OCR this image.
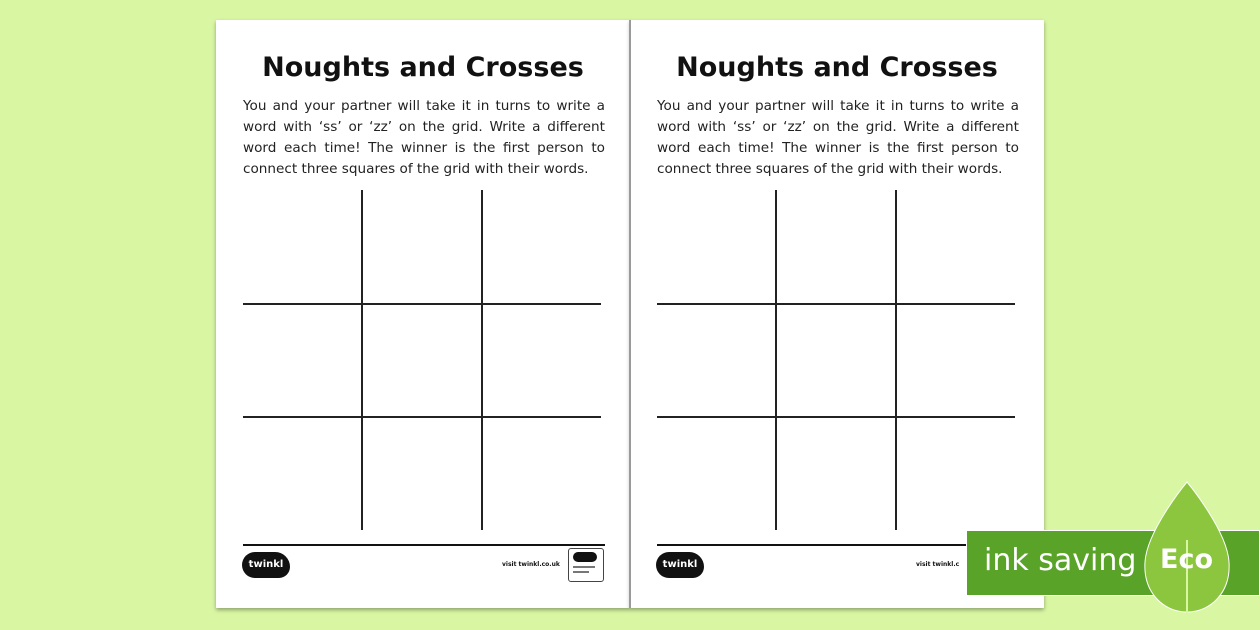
Noughts and Crosses
You and your partner will take it in turns to write a word with ‘ss’ or ‘zz’ on the grid. Write a different word each time! The winner is the first person to connect three squares of the grid with their words.
twinkl	visit twinkl.co.uk
Noughts and Crosses
You and your partner will take it in turns to write a word with ‘ss’ or ‘zz’ on the grid. Write a different word each time! The winner is the first person to connect three squares of the grid with their words.
twinkl	visit twinkl.c ink saving Eco
